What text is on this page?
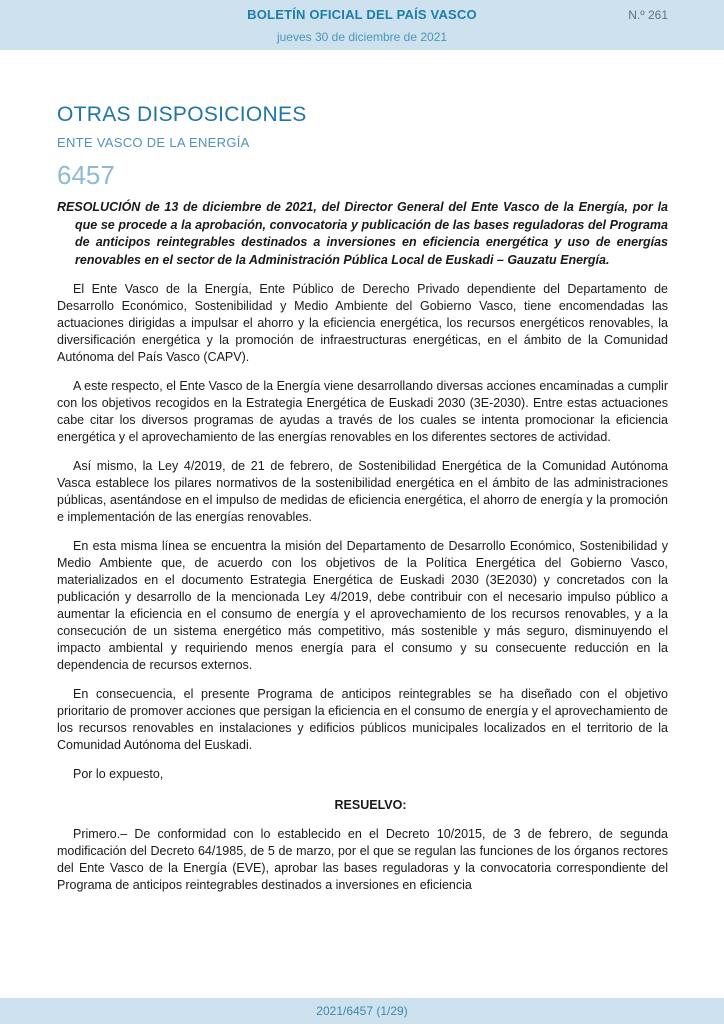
BOLETÍN OFICIAL DEL PAÍS VASCO	N.º 261
jueves 30 de diciembre de 2021
OTRAS DISPOSICIONES
ENTE VASCO DE LA ENERGÍA
6457

RESOLUCIÓN de 13 de diciembre de 2021, del Director General del Ente Vasco de la Energía, por la que se procede a la aprobación, convocatoria y publicación de las bases reguladoras del Programa de anticipos reintegrables destinados a inversiones en eficiencia energética y uso de energías renovables en el sector de la Administración Pública Local de Euskadi – Gauzatu Energía.

El Ente Vasco de la Energía, Ente Público de Derecho Privado dependiente del Departamento de Desarrollo Económico, Sostenibilidad y Medio Ambiente del Gobierno Vasco, tiene encomendadas las actuaciones dirigidas a impulsar el ahorro y la eficiencia energética, los recursos energéticos renovables, la diversificación energética y la promoción de infraestructuras energéticas, en el ámbito de la Comunidad Autónoma del País Vasco (CAPV).

A este respecto, el Ente Vasco de la Energía viene desarrollando diversas acciones encaminadas a cumplir con los objetivos recogidos en la Estrategia Energética de Euskadi 2030 (3E-2030). Entre estas actuaciones cabe citar los diversos programas de ayudas a través de los cuales se intenta promocionar la eficiencia energética y el aprovechamiento de las energías renovables en los diferentes sectores de actividad.

Así mismo, la Ley 4/2019, de 21 de febrero, de Sostenibilidad Energética de la Comunidad Autónoma Vasca establece los pilares normativos de la sostenibilidad energética en el ámbito de las administraciones públicas, asentándose en el impulso de medidas de eficiencia energética, el ahorro de energía y la promoción e implementación de las energías renovables.

En esta misma línea se encuentra la misión del Departamento de Desarrollo Económico, Sostenibilidad y Medio Ambiente que, de acuerdo con los objetivos de la Política Energética del Gobierno Vasco, materializados en el documento Estrategia Energética de Euskadi 2030 (3E2030) y concretados con la publicación y desarrollo de la mencionada Ley 4/2019, debe contribuir con el necesario impulso público a aumentar la eficiencia en el consumo de energía y el aprovechamiento de los recursos renovables, y a la consecución de un sistema energético más competitivo, más sostenible y más seguro, disminuyendo el impacto ambiental y requiriendo menos energía para el consumo y su consecuente reducción en la dependencia de recursos externos.

En consecuencia, el presente Programa de anticipos reintegrables se ha diseñado con el objetivo prioritario de promover acciones que persigan la eficiencia en el consumo de energía y el aprovechamiento de los recursos renovables en instalaciones y edificios públicos municipales localizados en el territorio de la Comunidad Autónoma del Euskadi.

Por lo expuesto,

RESUELVO:

Primero.– De conformidad con lo establecido en el Decreto 10/2015, de 3 de febrero, de segunda modificación del Decreto 64/1985, de 5 de marzo, por el que se regulan las funciones de los órganos rectores del Ente Vasco de la Energía (EVE), aprobar las bases reguladoras y la convocatoria correspondiente del Programa de anticipos reintegrables destinados a inversiones en eficiencia

2021/6457 (1/29)
